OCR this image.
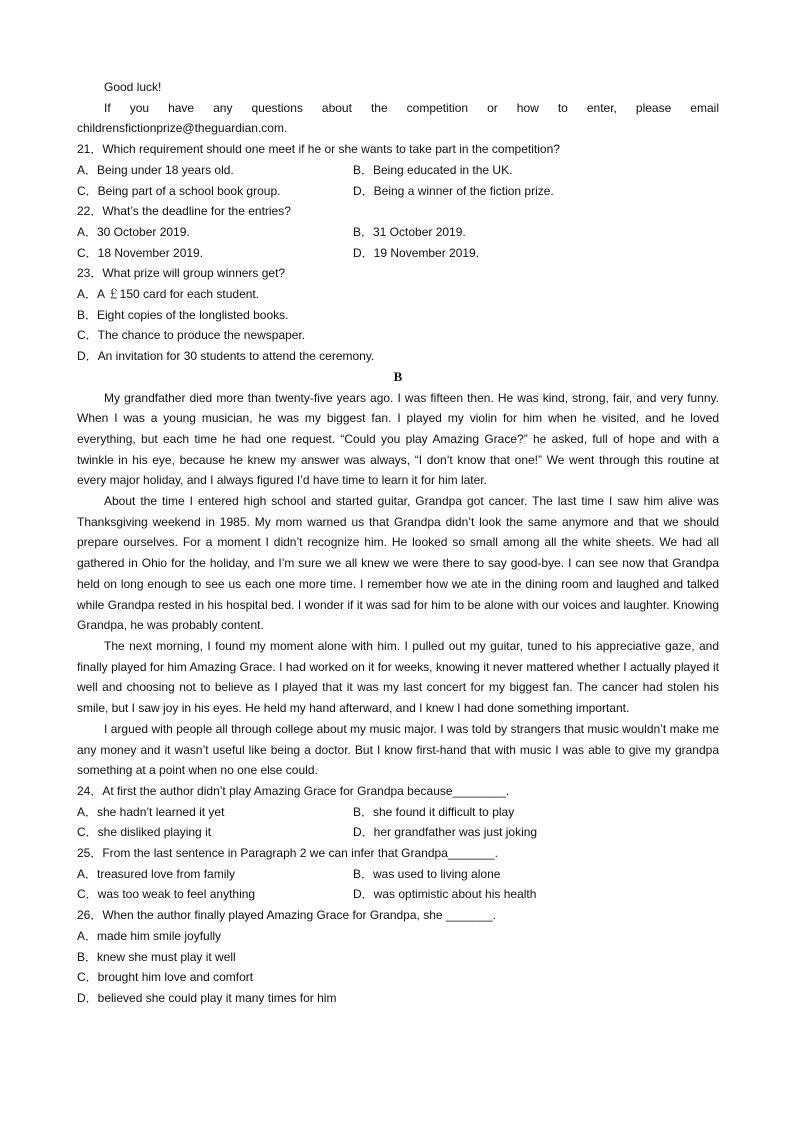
Good luck!

If you have any questions about the competition or how to enter, please email

childrensfictionprize@theguardian.com.

21．Which requirement should one meet if he or she wants to take part in the competition?

A．Being under 18 years old.	B．Being educated in the UK.
C．Being part of a school book group.	D．Being a winner of the fiction prize.

22．What’s the deadline for the entries?

A．30 October 2019.	B．31 October 2019.
C．18 November 2019.	D．19 November 2019.

23．What prize will group winners get?

A．A ￡150 card for each student.

B．Eight copies of the longlisted books.

C．The chance to produce the newspaper.

D．An invitation for 30 students to attend the ceremony.

B

My grandfather died more than twenty-five years ago. I was fifteen then. He was kind, strong, fair, and very funny. When I was a young musician, he was my biggest fan. I played my violin for him when he visited, and he loved everything, but each time he had one request. “Could you play Amazing Grace?” he asked, full of hope and with a twinkle in his eye, because he knew my answer was always, “I don’t know that one!” We went through this routine at every major holiday, and I always figured I’d have time to learn it for him later.

About the time I entered high school and started guitar, Grandpa got cancer. The last time I saw him alive was Thanksgiving weekend in 1985. My mom warned us that Grandpa didn’t look the same anymore and that we should prepare ourselves. For a moment I didn’t recognize him. He looked so small among all the white sheets. We had all gathered in Ohio for the holiday, and I’m sure we all knew we were there to say good-bye. I can see now that Grandpa held on long enough to see us each one more time. I remember how we ate in the dining room and laughed and talked while Grandpa rested in his hospital bed. I wonder if it was sad for him to be alone with our voices and laughter. Knowing Grandpa, he was probably content.

The next morning, I found my moment alone with him. I pulled out my guitar, tuned to his appreciative gaze, and finally played for him Amazing Grace. I had worked on it for weeks, knowing it never mattered whether I actually played it well and choosing not to believe as I played that it was my last concert for my biggest fan. The cancer had stolen his smile, but I saw joy in his eyes. He held my hand afterward, and I knew I had done something important.

I argued with people all through college about my music major. I was told by strangers that music wouldn’t make me any money and it wasn’t useful like being a doctor. But I know first-hand that with music I was able to give my grandpa something at a point when no one else could.

24．At first the author didn’t play Amazing Grace for Grandpa because________.

A．she hadn’t learned it yet	B．she found it difficult to play
C．she disliked playing it	D．her grandfather was just joking

25．From the last sentence in Paragraph 2 we can infer that Grandpa_______.

A．treasured love from family	B．was used to living alone
C．was too weak to feel anything	D．was optimistic about his health

26．When the author finally played Amazing Grace for Grandpa, she _______.

A．made him smile joyfully

B．knew she must play it well

C．brought him love and comfort

D．believed she could play it many times for him
